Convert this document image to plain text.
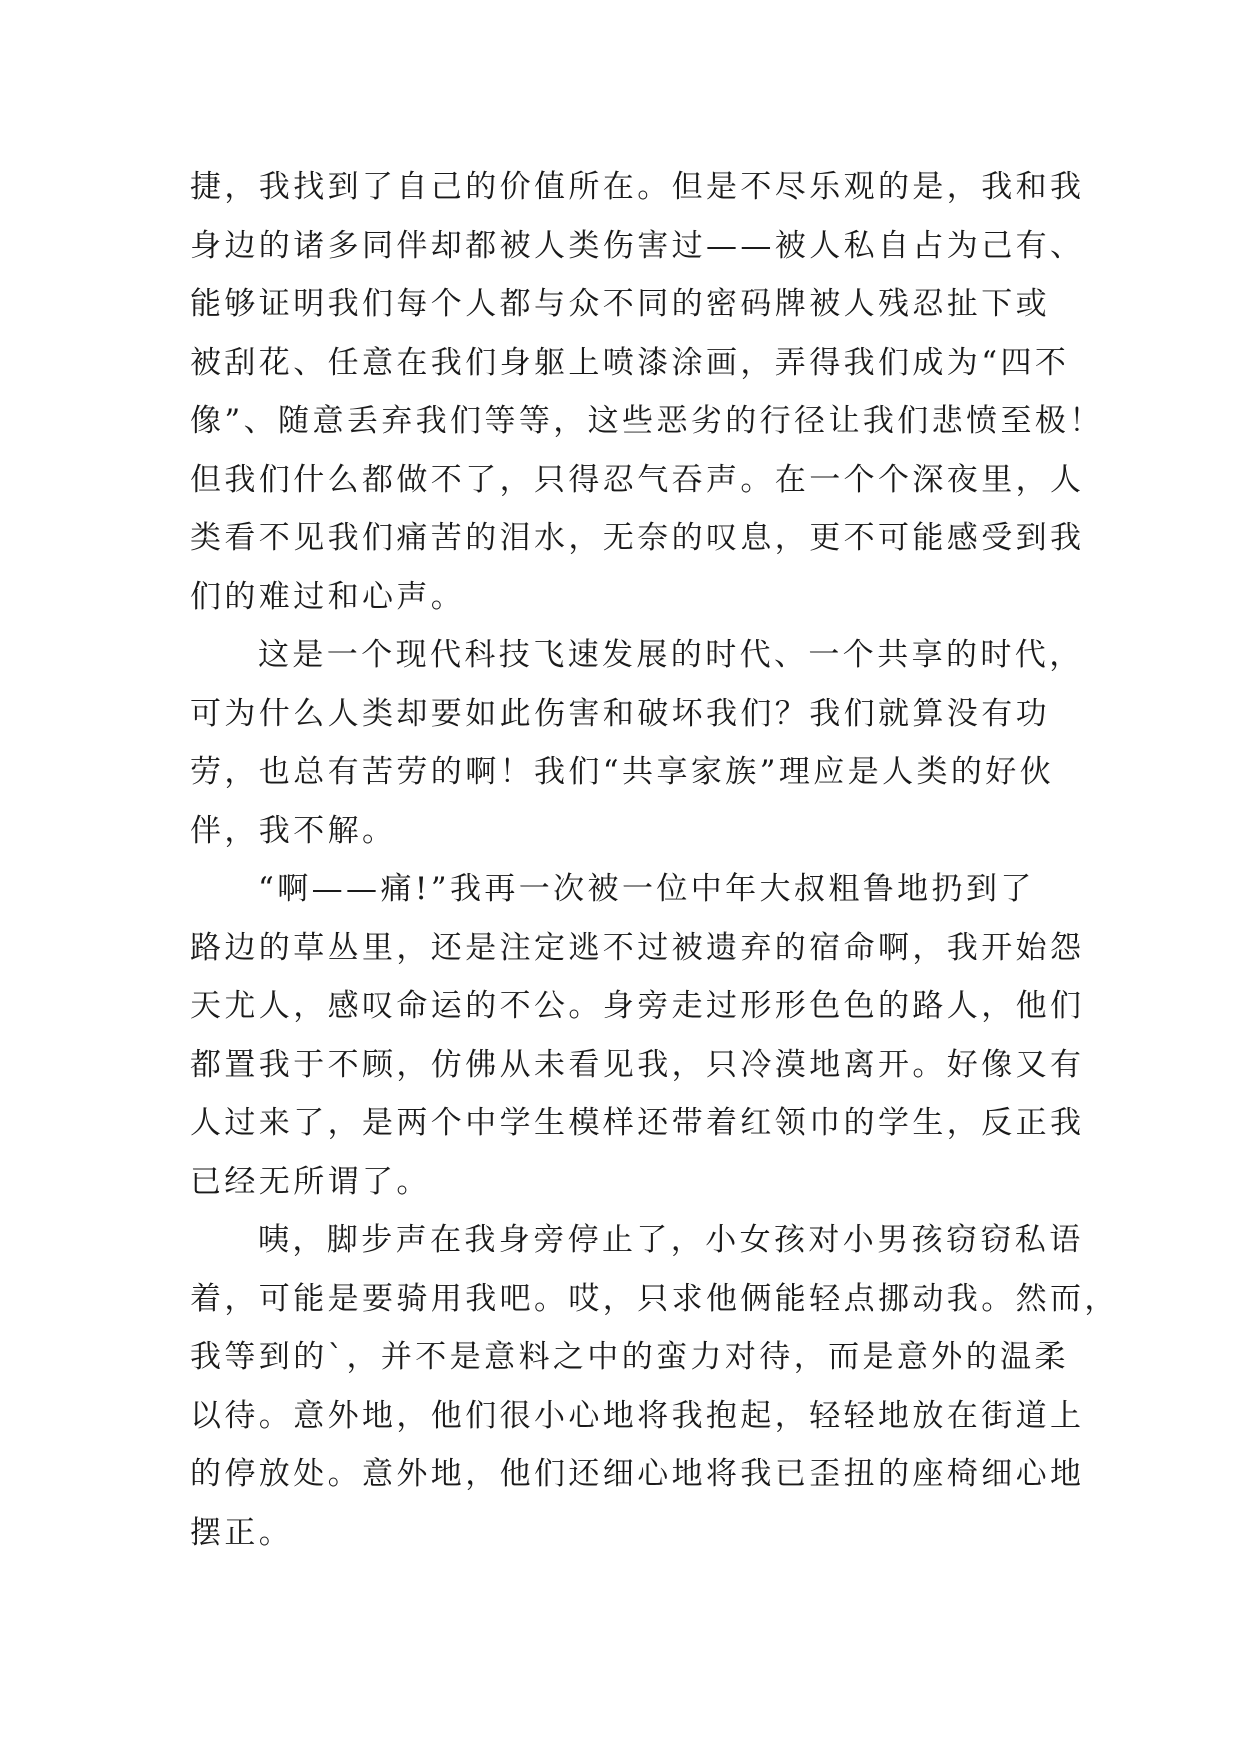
捷，我找到了自己的价值所在。但是不尽乐观的是，我和我
身边的诸多同伴却都被人类伤害过——被人私自占为己有、
能够证明我们每个人都与众不同的密码牌被人残忍扯下或
被刮花、任意在我们身躯上喷漆涂画，弄得我们成为“四不
像”、随意丢弃我们等等，这些恶劣的行径让我们悲愤至极！
但我们什么都做不了，只得忍气吞声。在一个个深夜里，人
类看不见我们痛苦的泪水，无奈的叹息，更不可能感受到我
们的难过和心声。
这是一个现代科技飞速发展的时代、一个共享的时代，
可为什么人类却要如此伤害和破坏我们？我们就算没有功
劳，也总有苦劳的啊！我们“共享家族”理应是人类的好伙
伴，我不解。
“啊——痛!”我再一次被一位中年大叔粗鲁地扔到了
路边的草丛里，还是注定逃不过被遗弃的宿命啊，我开始怨
天尤人，感叹命运的不公。身旁走过形形色色的路人，他们
都置我于不顾，仿佛从未看见我，只冷漠地离开。好像又有
人过来了，是两个中学生模样还带着红领巾的学生，反正我
已经无所谓了。
咦，脚步声在我身旁停止了，小女孩对小男孩窃窃私语
着，可能是要骑用我吧。哎，只求他俩能轻点挪动我。然而，
我等到的`，并不是意料之中的蛮力对待，而是意外的温柔
以待。意外地，他们很小心地将我抱起，轻轻地放在街道上
的停放处。意外地，他们还细心地将我已歪扭的座椅细心地
摆正。
